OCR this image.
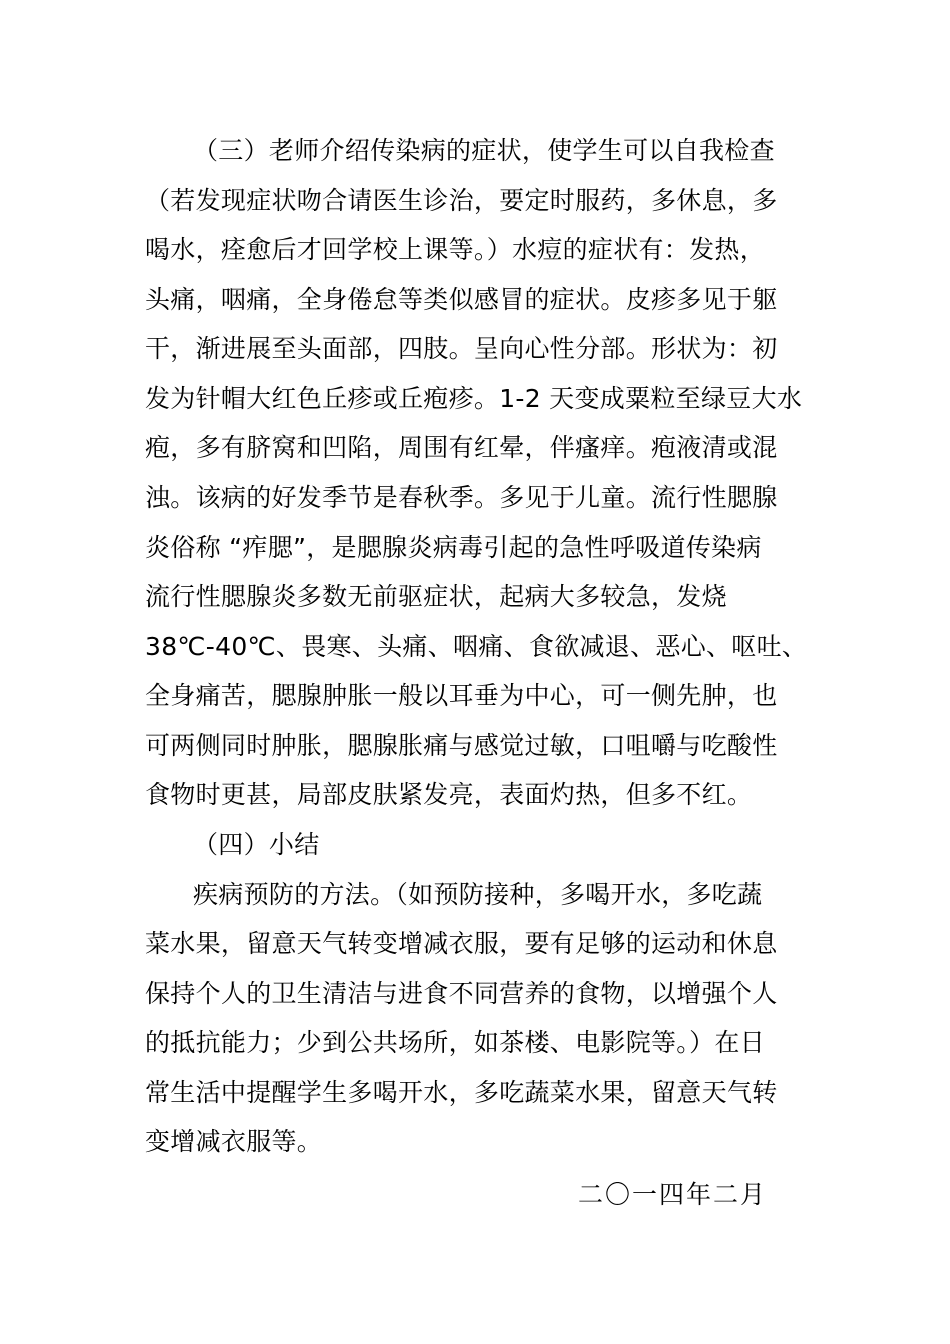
（三）老师介绍传染病的症状，使学生可以自我检查
（若发现症状吻合请医生诊治，要定时服药，多休息，多
喝水，痊愈后才回学校上课等。）水痘的症状有：发热，
头痛，咽痛，全身倦怠等类似感冒的症状。皮疹多见于躯
干，渐进展至头面部，四肢。呈向心性分部。形状为：初
发为针帽大红色丘疹或丘疱疹。1-2 天变成粟粒至绿豆大水
疱，多有脐窝和凹陷，周围有红晕，伴瘙痒。疱液清或混
浊。该病的好发季节是春秋季。多见于儿童。流行性腮腺
炎俗称 “痄腮”，是腮腺炎病毒引起的急性呼吸道传染病
流行性腮腺炎多数无前驱症状，起病大多较急，发烧
38℃-40℃、畏寒、头痛、咽痛、食欲减退、恶心、呕吐、
全身痛苦，腮腺肿胀一般以耳垂为中心，可一侧先肿，也
可两侧同时肿胀，腮腺胀痛与感觉过敏，口咀嚼与吃酸性
食物时更甚，局部皮肤紧发亮，表面灼热，但多不红。
（四）小结
疾病预防的方法。（如预防接种，多喝开水，多吃蔬
菜水果，留意天气转变增减衣服，要有足够的运动和休息
保持个人的卫生清洁与进食不同营养的食物，以增强个人
的抵抗能力；少到公共场所，如茶楼、电影院等。）在日
常生活中提醒学生多喝开水，多吃蔬菜水果，留意天气转
变增减衣服等。
二〇一四年二月
